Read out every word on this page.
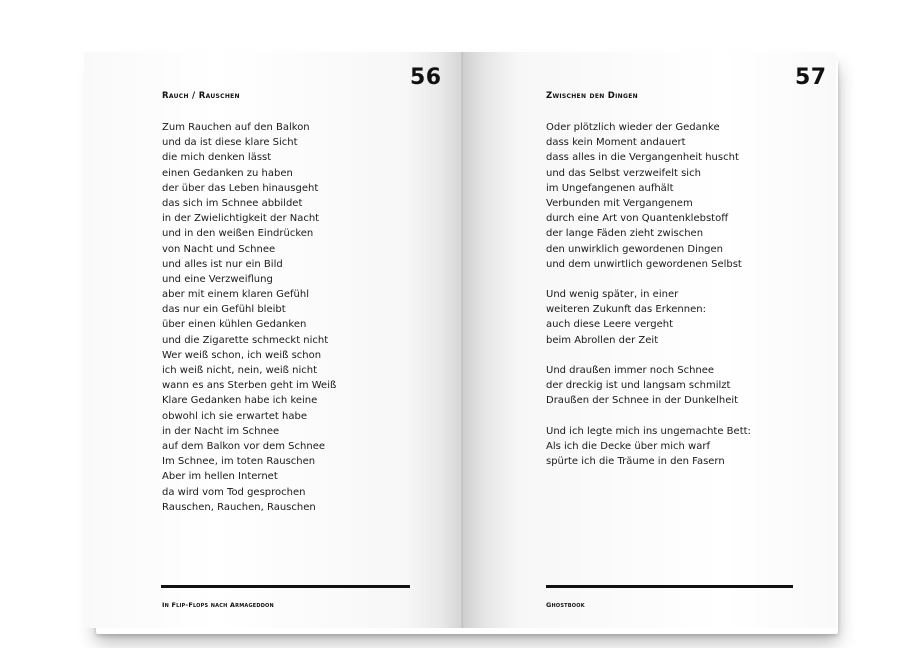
56
Rauch / Rauschen
Zum Rauchen auf den Balkon
und da ist diese klare Sicht
die mich denken lässt
einen Gedanken zu haben
der über das Leben hinausgeht
das sich im Schnee abbildet
in der Zwielichtigkeit der Nacht
und in den weißen Eindrücken
von Nacht und Schnee
und alles ist nur ein Bild
und eine Verzweiflung
aber mit einem klaren Gefühl
das nur ein Gefühl bleibt
über einen kühlen Gedanken
und die Zigarette schmeckt nicht
Wer weiß schon, ich weiß schon
ich weiß nicht, nein, weiß nicht
wann es ans Sterben geht im Weiß
Klare Gedanken habe ich keine
obwohl ich sie erwartet habe
in der Nacht im Schnee
auf dem Balkon vor dem Schnee
Im Schnee, im toten Rauschen
Aber im hellen Internet
da wird vom Tod gesprochen
Rauschen, Rauchen, Rauschen
In Flip-Flops nach Armageddon
57
Zwischen den Dingen
Oder plötzlich wieder der Gedanke
dass kein Moment andauert
dass alles in die Vergangenheit huscht
und das Selbst verzweifelt sich
im Ungefangenen aufhält
Verbunden mit Vergangenem
durch eine Art von Quantenklebstoff
der lange Fäden zieht zwischen
den unwirklich gewordenen Dingen
und dem unwirtlich gewordenen Selbst
Und wenig später, in einer
weiteren Zukunft das Erkennen:
auch diese Leere vergeht
beim Abrollen der Zeit
Und draußen immer noch Schnee
der dreckig ist und langsam schmilzt
Draußen der Schnee in der Dunkelheit
Und ich legte mich ins ungemachte Bett:
Als ich die Decke über mich warf
spürte ich die Träume in den Fasern
Ghostbook
